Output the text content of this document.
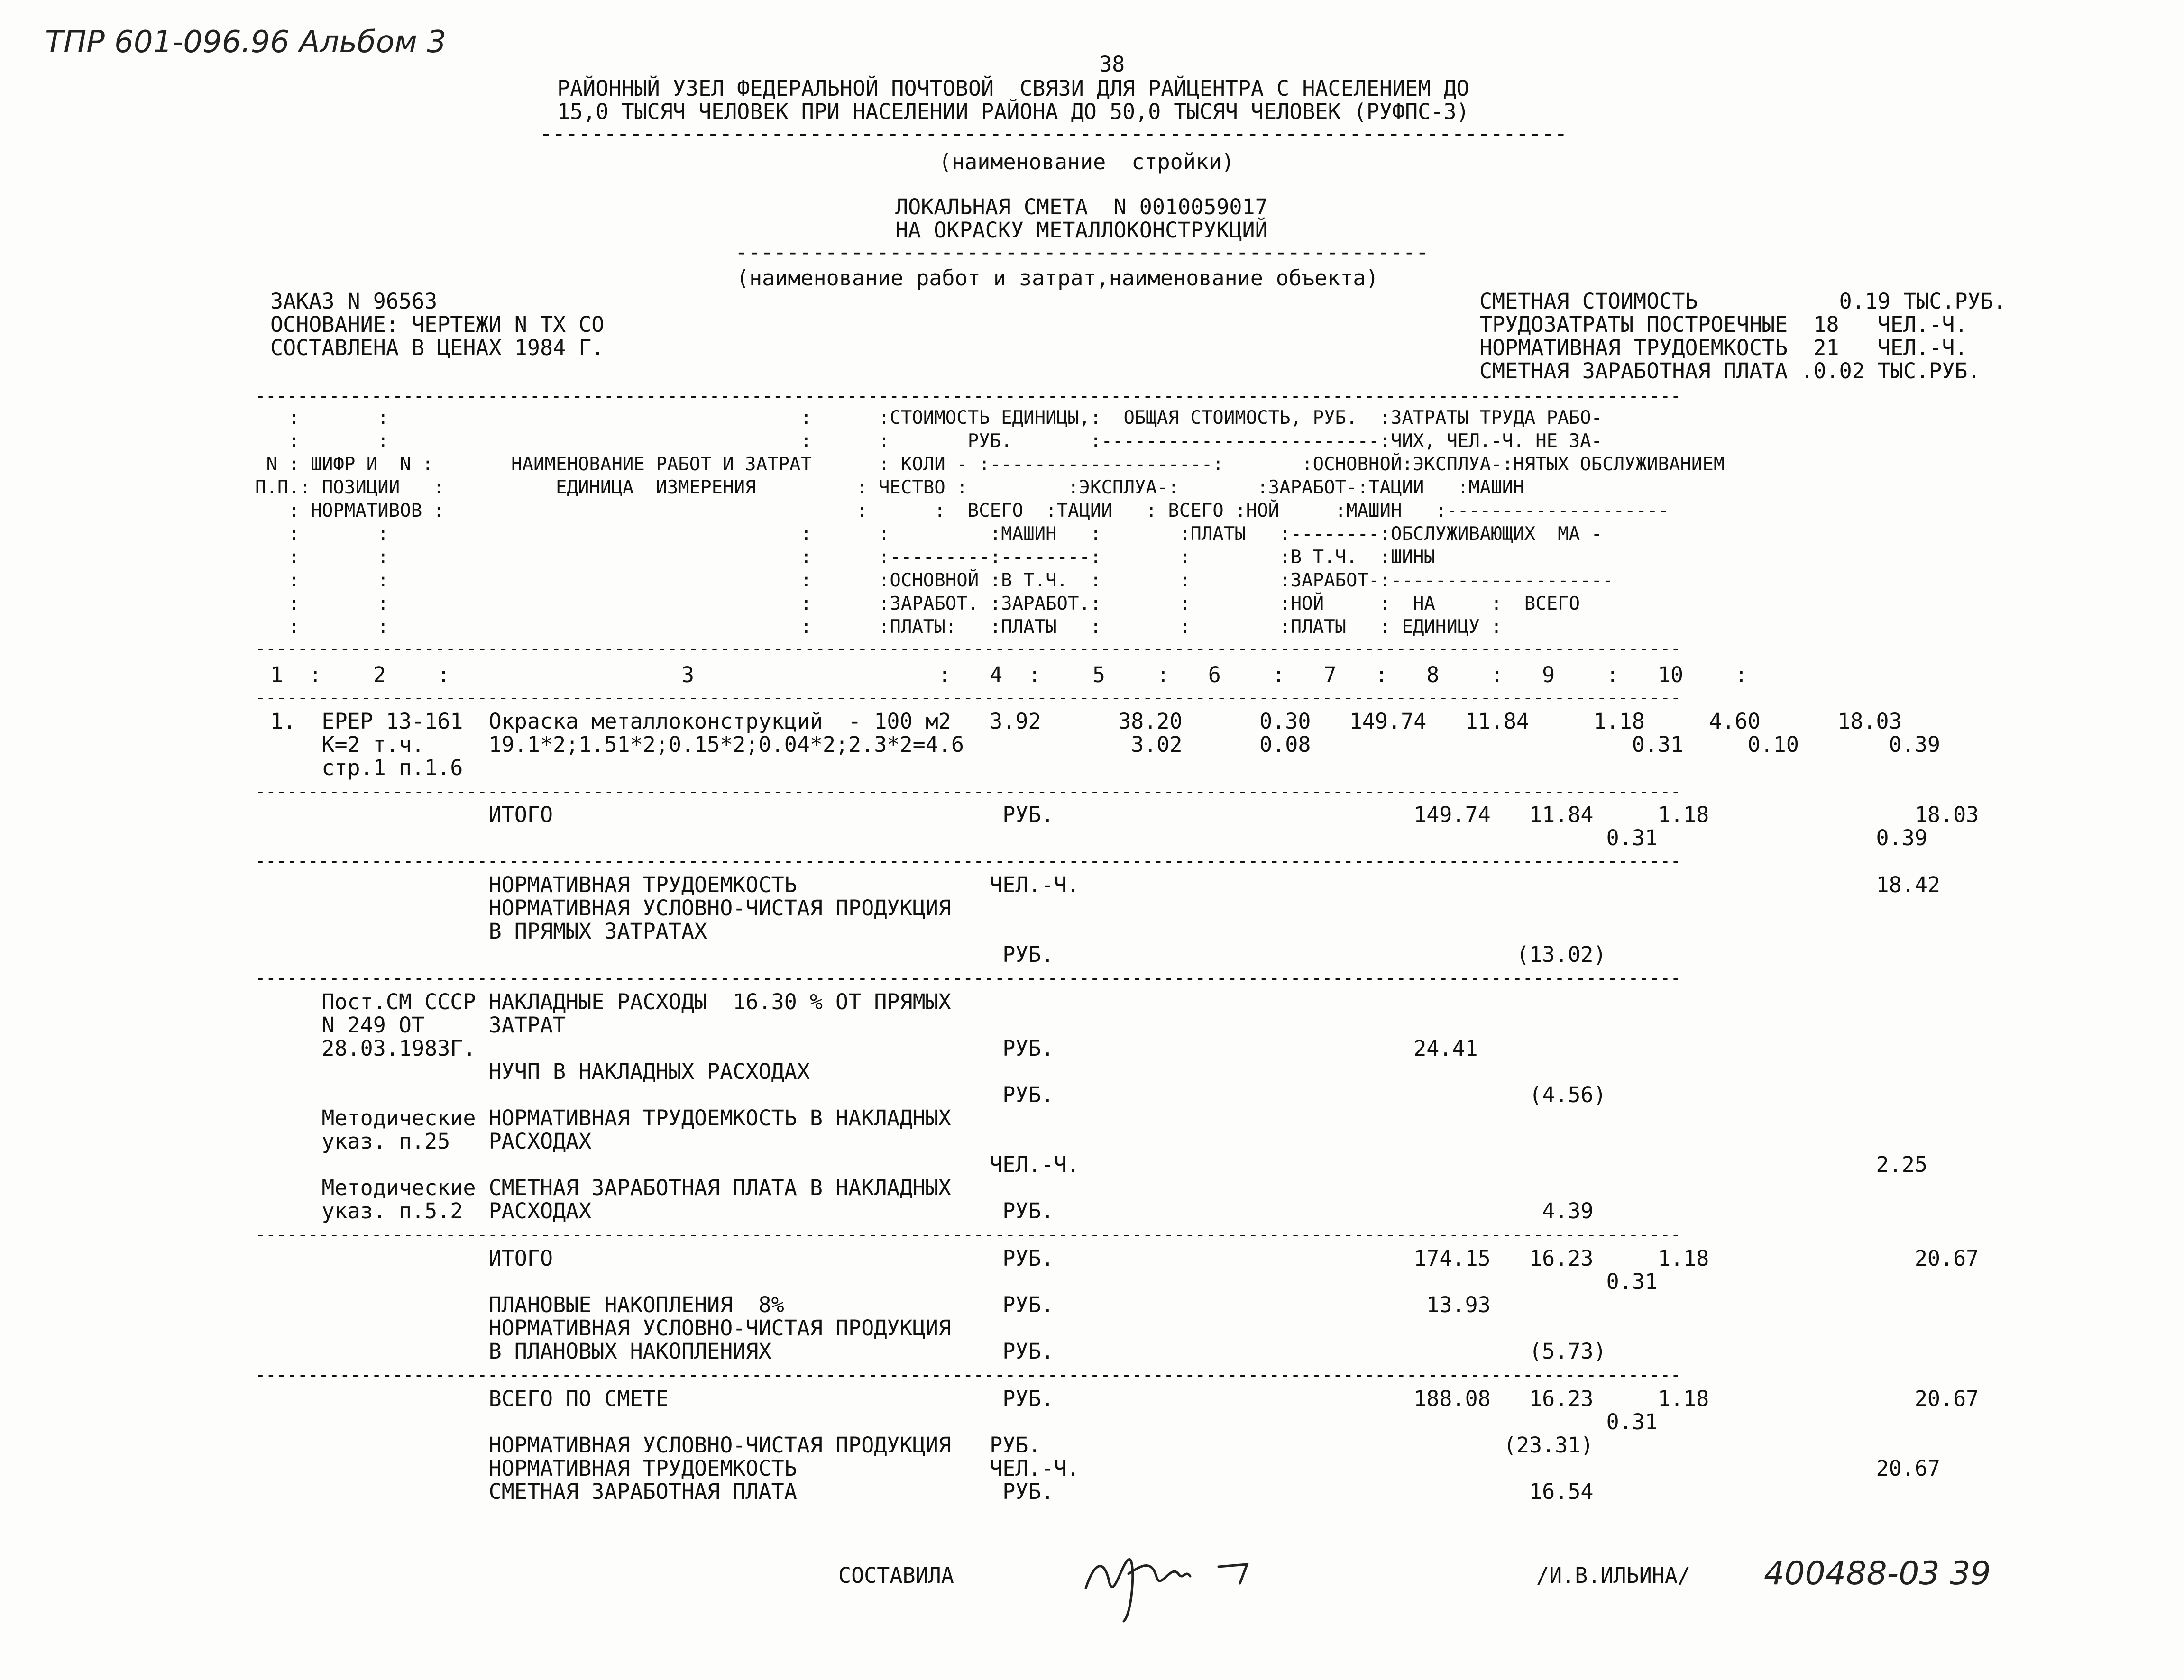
ТПР 601-096.96 Альбом 3
400488-03 39
38
РАЙОННЫЙ УЗЕЛ ФЕДЕРАЛЬНОЙ ПОЧТОВОЙ  СВЯЗИ ДЛЯ РАЙЦЕНТРА С НАСЕЛЕНИЕМ ДО
15,0 ТЫСЯЧ ЧЕЛОВЕК ПРИ НАСЕЛЕНИИ РАЙОНА ДО 50,0 ТЫСЯЧ ЧЕЛОВЕК (РУФПС-3)
--------------------------------------------------------------------------------
(наименование  стройки)
ЛОКАЛЬНАЯ СМЕТА  N 0010059017
НА ОКРАСКУ МЕТАЛЛОКОНСТРУКЦИЙ
------------------------------------------------------
(наименование работ и затрат,наименование объекта)
ЗАКАЗ N 96563
ОСНОВАНИЕ: ЧЕРТЕЖИ N ТХ СО
СОСТАВЛЕНА В ЦЕНАХ 1984 Г.
СМЕТНАЯ СТОИМОСТЬ           0.19 ТЫС.РУБ.
ТРУДОЗАТРАТЫ ПОСТРОЕЧНЫЕ  18   ЧЕЛ.-Ч.
НОРМАТИВНАЯ ТРУДОЕМКОСТЬ  21   ЧЕЛ.-Ч.
СМЕТНАЯ ЗАРАБОТНАЯ ПЛАТА .0.02 ТЫС.РУБ.
---------------------------------------------------------------------------------------------------------------------------------------
:       :                                     :      :СТОИМОСТЬ ЕДИНИЦЫ,:  ОБЩАЯ СТОИМОСТЬ, РУБ.  :ЗАТРАТЫ ТРУДА РАБО-
:       :                                     :      :       РУБ.       :-------------------------:ЧИХ, ЧЕЛ.-Ч. НЕ ЗА-
N : ШИФР И  N :       НАИМЕНОВАНИЕ РАБОТ И ЗАТРАТ      : КОЛИ - :--------------------:       :ОСНОВНОЙ:ЭКСПЛУА-:НЯТЫХ ОБСЛУЖИВАНИЕМ
П.П.: ПОЗИЦИИ   :          ЕДИНИЦА  ИЗМЕРЕНИЯ         : ЧЕСТВО :         :ЭКСПЛУА-:       :ЗАРАБОТ-:ТАЦИИ   :МАШИН
: НОРМАТИВОВ :                                     :      :  ВСЕГО  :ТАЦИИ   : ВСЕГО :НОЙ     :МАШИН   :--------------------
:       :                                     :      :         :МАШИН   :       :ПЛАТЫ   :--------:ОБСЛУЖИВАЮЩИХ  МА -
:       :                                     :      :---------:--------:       :        :В Т.Ч.  :ШИНЫ
:       :                                     :      :ОСНОВНОЙ :В Т.Ч.  :       :        :ЗАРАБОТ-:--------------------
:       :                                     :      :ЗАРАБОТ. :ЗАРАБОТ.:       :        :НОЙ     :  НА     :  ВСЕГО
:       :                                     :      :ПЛАТЫ:   :ПЛАТЫ   :       :        :ПЛАТЫ   : ЕДИНИЦУ :
---------------------------------------------------------------------------------------------------------------------------------------
1  :    2    :                  3                   :   4  :    5    :   6    :   7   :   8    :   9    :   10    :
---------------------------------------------------------------------------------------------------------------------------------------
1.  ЕРЕР 13-161  Окраска металлоконструкций  - 100 м2   3.92      38.20      0.30   149.74   11.84     1.18     4.60      18.03
К=2 т.ч.     19.1*2;1.51*2;0.15*2;0.04*2;2.3*2=4.6             3.02      0.08                         0.31     0.10       0.39
стр.1 п.1.6
---------------------------------------------------------------------------------------------------------------------------------------
ИТОГО                                   РУБ.                            149.74   11.84     1.18                18.03
0.31                 0.39
---------------------------------------------------------------------------------------------------------------------------------------
НОРМАТИВНАЯ ТРУДОЕМКОСТЬ               ЧЕЛ.-Ч.                                                              18.42
НОРМАТИВНАЯ УСЛОВНО-ЧИСТАЯ ПРОДУКЦИЯ
В ПРЯМЫХ ЗАТРАТАХ
РУБ.                                    (13.02)
---------------------------------------------------------------------------------------------------------------------------------------
Пост.СМ СССР НАКЛАДНЫЕ РАСХОДЫ  16.30 % ОТ ПРЯМЫХ
N 249 ОТ     ЗАТРАТ
28.03.1983Г.                                         РУБ.                            24.41
НУЧП В НАКЛАДНЫХ РАСХОДАХ
РУБ.                                     (4.56)
Методические НОРМАТИВНАЯ ТРУДОЕМКОСТЬ В НАКЛАДНЫХ
указ. п.25   РАСХОДАХ
ЧЕЛ.-Ч.                                                              2.25
Методические СМЕТНАЯ ЗАРАБОТНАЯ ПЛАТА В НАКЛАДНЫХ
указ. п.5.2  РАСХОДАХ                                РУБ.                                      4.39
---------------------------------------------------------------------------------------------------------------------------------------
ИТОГО                                   РУБ.                            174.15   16.23     1.18                20.67
0.31
ПЛАНОВЫЕ НАКОПЛЕНИЯ  8%                 РУБ.                             13.93
НОРМАТИВНАЯ УСЛОВНО-ЧИСТАЯ ПРОДУКЦИЯ
В ПЛАНОВЫХ НАКОПЛЕНИЯХ                  РУБ.                                     (5.73)
---------------------------------------------------------------------------------------------------------------------------------------
ВСЕГО ПО СМЕТЕ                          РУБ.                            188.08   16.23     1.18                20.67
0.31
НОРМАТИВНАЯ УСЛОВНО-ЧИСТАЯ ПРОДУКЦИЯ   РУБ.                                    (23.31)
НОРМАТИВНАЯ ТРУДОЕМКОСТЬ               ЧЕЛ.-Ч.                                                              20.67
СМЕТНАЯ ЗАРАБОТНАЯ ПЛАТА                РУБ.                                     16.54
СОСТАВИЛА	/И.В.ИЛЬИНА/
